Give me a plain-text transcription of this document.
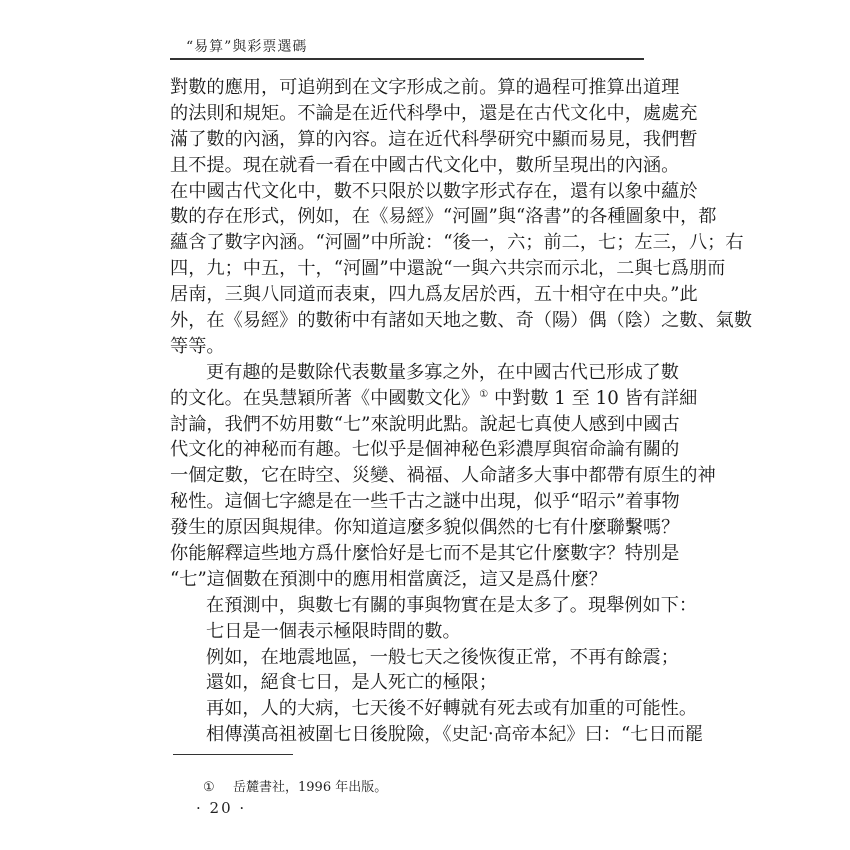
“易算”與彩票選碼
對數的應用，可追朔到在文字形成之前。算的過程可推算出道理
的法則和規矩。不論是在近代科學中，還是在古代文化中，處處充
滿了數的內涵，算的內容。這在近代科學研究中顯而易見，我們暫
且不提。現在就看一看在中國古代文化中，數所呈現出的內涵。
在中國古代文化中，數不只限於以數字形式存在，還有以象中蘊於
數的存在形式，例如，在《易經》“河圖”與“洛書”的各種圖象中，都
蘊含了數字內涵。“河圖”中所說：“後一，六；前二，七；左三，八；右
四，九；中五，十，“河圖”中還說“一與六共宗而示北，二與七爲朋而
居南，三與八同道而表東，四九爲友居於西，五十相守在中央。”此
外，在《易經》的數術中有諸如天地之數、奇（陽）偶（陰）之數、氣數
等等。
更有趣的是數除代表數量多寡之外，在中國古代已形成了數
的文化。在吳慧穎所著《中國數文化》① 中對數 1 至 10 皆有詳細
討論，我們不妨用數“七”來說明此點。說起七真使人感到中國古
代文化的神秘而有趣。七似乎是個神秘色彩濃厚與宿命論有關的
一個定數，它在時空、災變、禍福、人命諸多大事中都帶有原生的神
秘性。這個七字總是在一些千古之謎中出現，似乎“昭示”着事物
發生的原因與規律。你知道這麼多貌似偶然的七有什麼聯繫嗎？
你能解釋這些地方爲什麼恰好是七而不是其它什麼數字？特別是
“七”這個數在預測中的應用相當廣泛，這又是爲什麼？
在預測中，與數七有關的事與物實在是太多了。現舉例如下：
七日是一個表示極限時間的數。
例如，在地震地區，一般七天之後恢復正常，不再有餘震；
還如，絕食七日，是人死亡的極限；
再如，人的大病，七天後不好轉就有死去或有加重的可能性。
相傳漢高祖被圍七日後脫險，《史記·高帝本紀》曰：“七日而罷
① 岳麓書社，1996 年出版。
· 20 ·
